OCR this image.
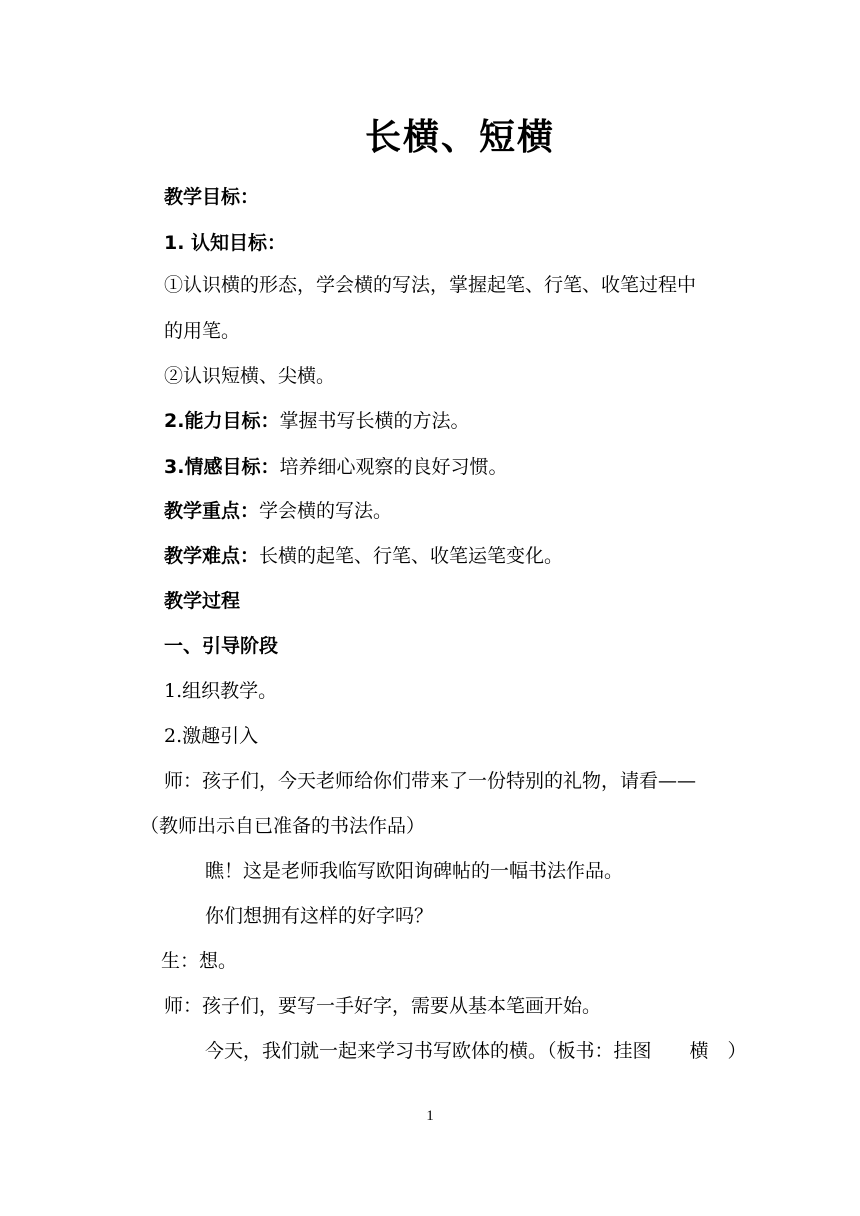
长横、短横
教学目标：
1. 认知目标：
①认识横的形态，学会横的写法，掌握起笔、行笔、收笔过程中
的用笔。
②认识短横、尖横。
2.能力目标：掌握书写长横的方法。
3.情感目标：培养细心观察的良好习惯。
教学重点：学会横的写法。
教学难点：长横的起笔、行笔、收笔运笔变化。
教学过程
一、引导阶段
1.组织教学。
2.激趣引入
师：孩子们，今天老师给你们带来了一份特别的礼物，请看——
（教师出示自已准备的书法作品）
瞧！这是老师我临写欧阳询碑帖的一幅书法作品。
你们想拥有这样的好字吗？
生：想。
师：孩子们，要写一手好字，需要从基本笔画开始。
今天，我们就一起来学习书写欧体的横。（板书：挂图　　横　）
1
